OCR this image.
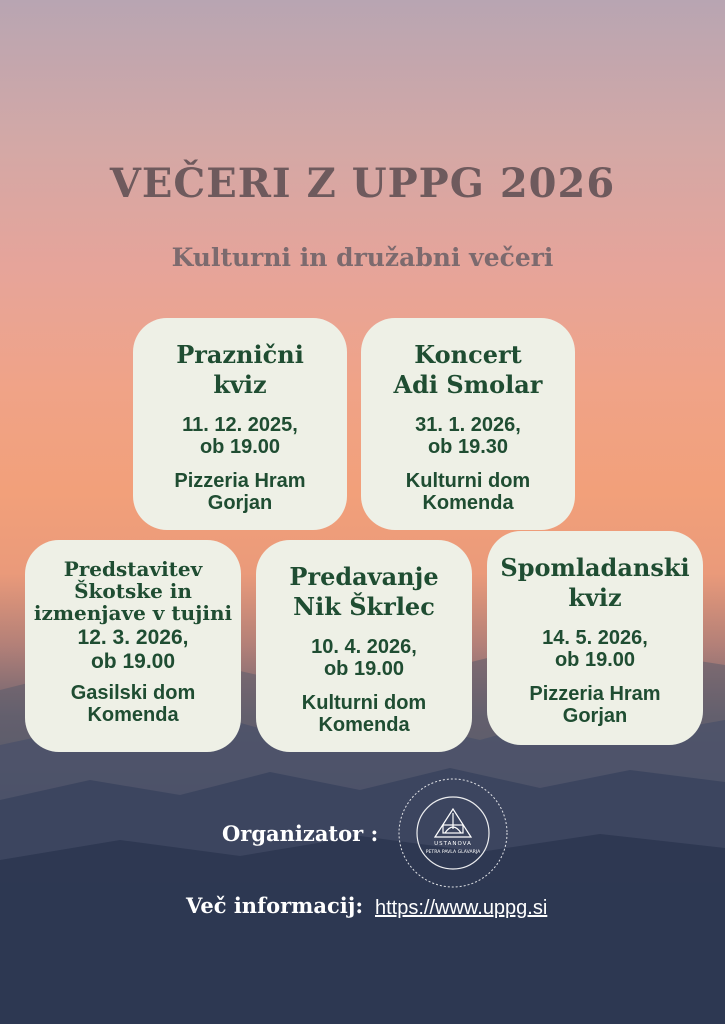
VEČERI Z UPPG 2026
Kulturni in družabni večeri
Praznični
kviz
11. 12. 2025,
ob 19.00
Pizzeria Hram
Gorjan
Koncert
Adi Smolar
31. 1. 2026,
ob 19.30
Kulturni dom
Komenda
Predstavitev
Škotske in
izmenjave v tujini
12. 3. 2026,
ob 19.00
Gasilski dom
Komenda
Predavanje
Nik Škrlec
10. 4. 2026,
ob 19.00
Kulturni dom
Komenda
Spomladanski
kviz
14. 5. 2026,
ob 19.00
Pizzeria Hram
Gorjan
Organizator :	USTANOVA
PETRA PAVLA GLAVARJA
Več informacij: https://www.uppg.si
